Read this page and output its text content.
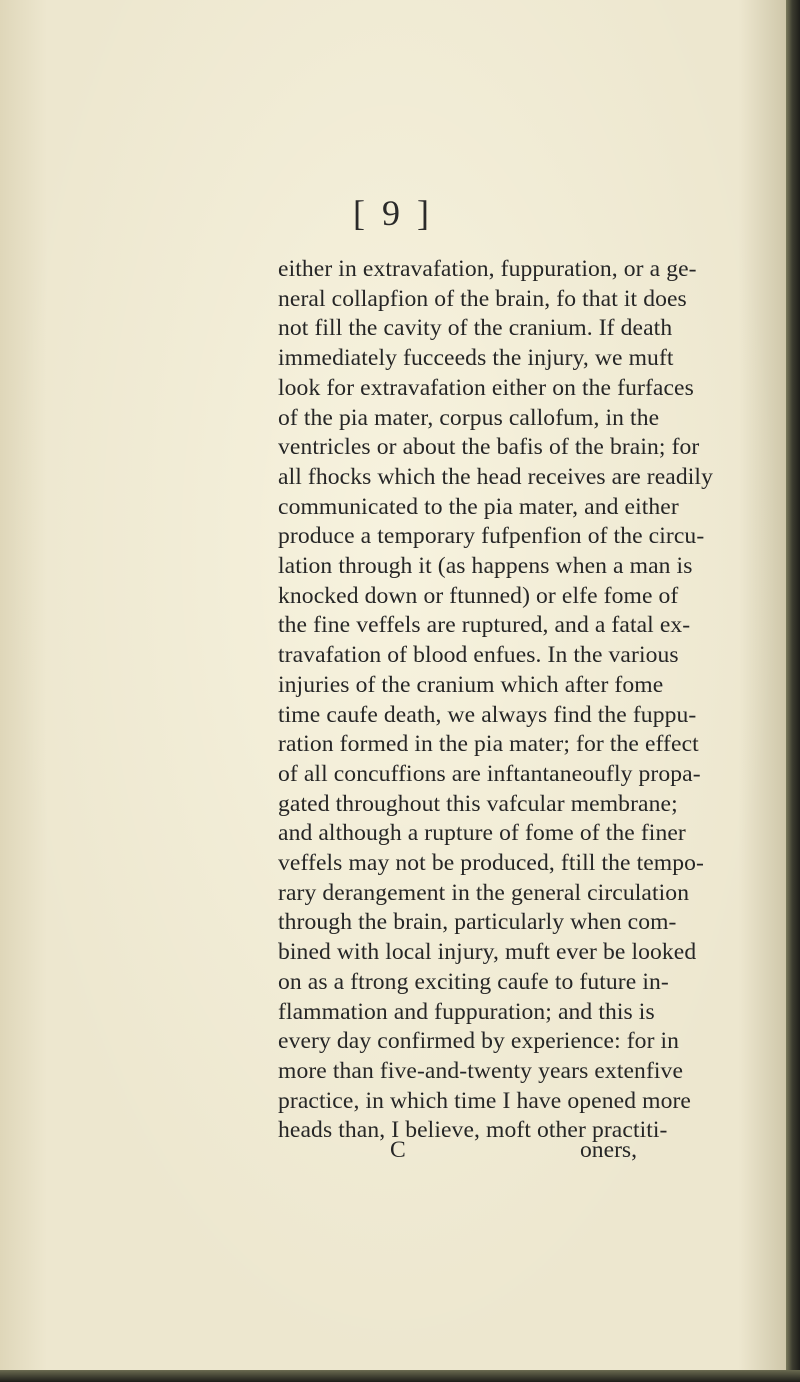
[ 9 ]
either in extravafation, fuppuration, or a ge-
neral collapfion of the brain, fo that it does
not fill the cavity of the cranium. If death
immediately fucceeds the injury, we muft
look for extravafation either on the furfaces
of the pia mater, corpus callofum, in the
ventricles or about the bafis of the brain; for
all fhocks which the head receives are readily
communicated to the pia mater, and either
produce a temporary fufpenfion of the circu-
lation through it (as happens when a man is
knocked down or ftunned) or elfe fome of
the fine veffels are ruptured, and a fatal ex-
travafation of blood enfues. In the various
injuries of the cranium which after fome
time caufe death, we always find the fuppu-
ration formed in the pia mater; for the effect
of all concuffions are inftantaneoufly propa-
gated throughout this vafcular membrane;
and although a rupture of fome of the finer
veffels may not be produced, ftill the tempo-
rary derangement in the general circulation
through the brain, particularly when com-
bined with local injury, muft ever be looked
on as a ftrong exciting caufe to future in-
flammation and fuppuration; and this is
every day confirmed by experience: for in
more than five-and-twenty years extenfive
practice, in which time I have opened more
heads than, I believe, moft other practiti-
C	oners,
